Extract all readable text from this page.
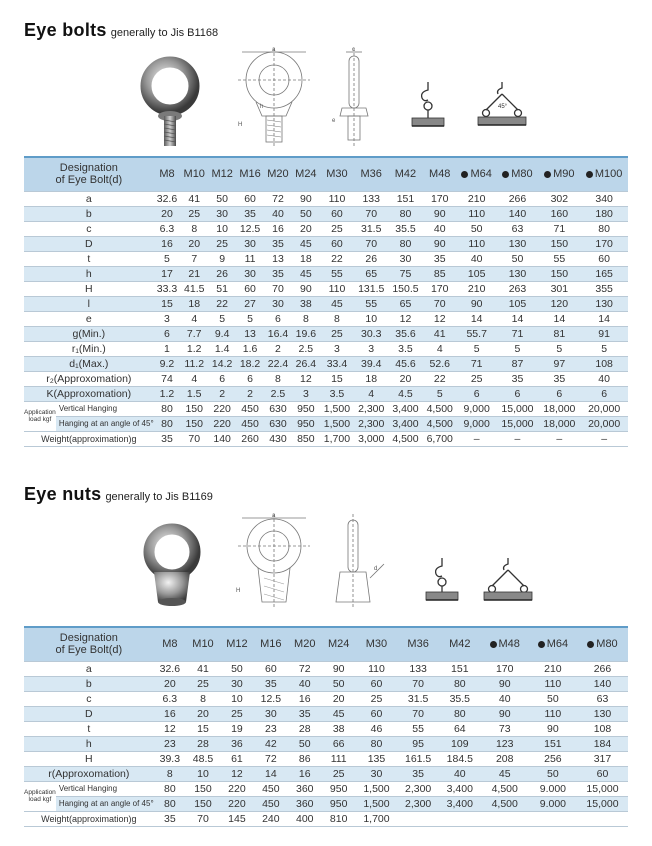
Eye bolts generally to Jis B1168
a
h
H
c
e
45°
Designation
of Eye Bolt(d)		M8	M10	M12	M16	M20	M24	M30	M36	M42	M48	M64	M80	M90	M100
a		32.6	41	50	60	72	90	110	133	151	170	210	266	302	340
b		20	25	30	35	40	50	60	70	80	90	110	140	160	180
c		6.3	8	10	12.5	16	20	25	31.5	35.5	40	50	63	71	80
D		16	20	25	30	35	45	60	70	80	90	110	130	150	170
t		5	7	9	11	13	18	22	26	30	35	40	50	55	60
h		17	21	26	30	35	45	55	65	75	85	105	130	150	165
H		33.3	41.5	51	60	70	90	110	131.5	150.5	170	210	263	301	355
l		15	18	22	27	30	38	45	55	65	70	90	105	120	130
e		3	4	5	5	6	8	8	10	12	12	14	14	14	14
g(Min.)		6	7.7	9.4	13	16.4	19.6	25	30.3	35.6	41	55.7	71	81	91
r₁(Min.)		1	1.2	1.4	1.6	2	2.5	3	3	3.5	4	5	5	5	5
d₁(Max.)		9.2	11.2	14.2	18.2	22.4	26.4	33.4	39.4	45.6	52.6	71	87	97	108
r₂(Approxomation)		74	4	6	6	8	12	15	18	20	22	25	35	35	40
K(Approxomation)		1.2	1.5	2	2	2.5	3	3.5	4	4.5	5	6	6	6	6

Application
load kgf	Vertical Hanging	80	150	220	450	630	950	1,500	2,300	3,400	4,500	9,000	15,000	18,000	20,000
	Hanging at an angle of 45°	80	150	220	450	630	950	1,500	2,300	3,400	4,500	9,000	15,000	18,000	20,000
Weight(approximation)g		35	70	140	260	430	850	1,700	3,000	4,500	6,700	–	–	–	–
Eye nuts generally to Jis B1169
a
H
d
Designation
of Eye Bolt(d)		M8	M10	M12	M16	M20	M24	M30	M36	M42	M48	M64	M80
a		32.6	41	50	60	72	90	110	133	151	170	210	266
b		20	25	30	35	40	50	60	70	80	90	110	140
c		6.3	8	10	12.5	16	20	25	31.5	35.5	40	50	63
D		16	20	25	30	35	45	60	70	80	90	110	130
t		12	15	19	23	28	38	46	55	64	73	90	108
h		23	28	36	42	50	66	80	95	109	123	151	184
H		39.3	48.5	61	72	86	111	135	161.5	184.5	208	256	317
r(Approxomation)		8	10	12	14	16	25	30	35	40	45	50	60

Application
load kgf	Vertical Hanging	80	150	220	450	360	950	1,500	2,300	3,400	4,500	9.000	15,000
	Hanging at an angle of 45°	80	150	220	450	360	950	1,500	2,300	3,400	4,500	9.000	15,000
Weight(approximation)g		35	70	145	240	400	810	1,700					
